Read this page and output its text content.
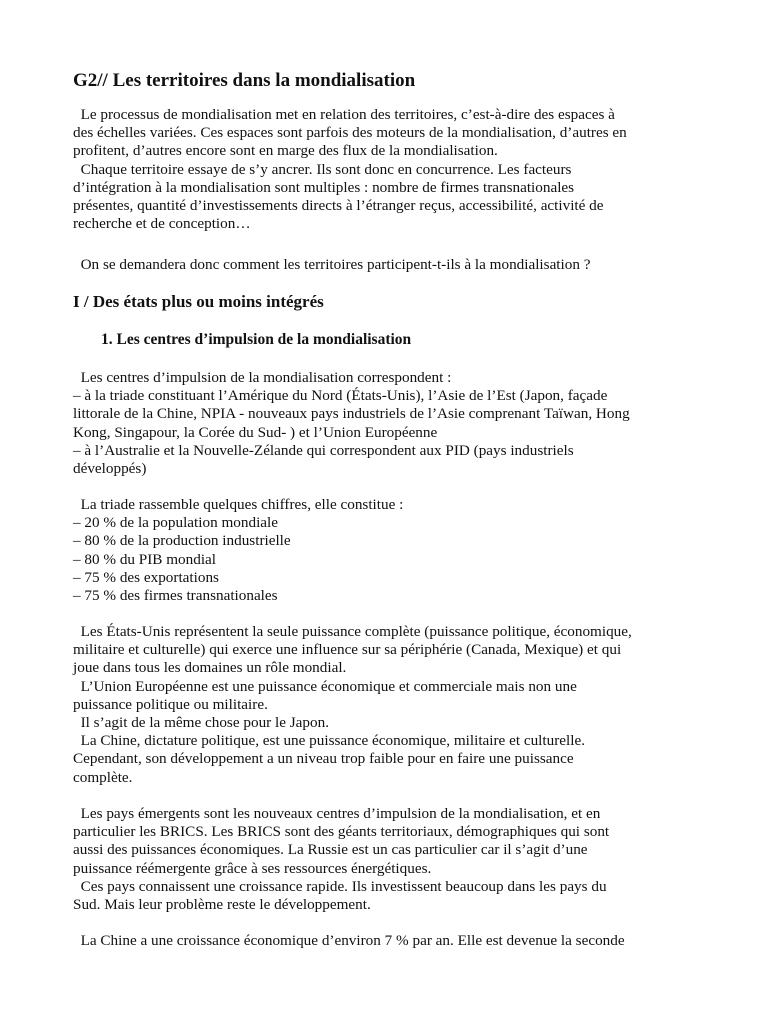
G2// Les territoires dans la mondialisation

Le processus de mondialisation met en relation des territoires, c’est-à-dire des espaces à
des échelles variées. Ces espaces sont parfois des moteurs de la mondialisation, d’autres en
profitent, d’autres encore sont en marge des flux de la mondialisation.
Chaque territoire essaye de s’y ancrer. Ils sont donc en concurrence. Les facteurs
d’intégration à la mondialisation sont multiples : nombre de firmes transnationales
présentes, quantité d’investissements directs à l’étranger reçus, accessibilité, activité de
recherche et de conception…

On se demandera donc comment les territoires participent-t-ils à la mondialisation ?

I / Des états plus ou moins intégrés
1. Les centres d’impulsion de la mondialisation

Les centres d’impulsion de la mondialisation correspondent :
– à la triade constituant l’Amérique du Nord (États-Unis), l’Asie de l’Est (Japon, façade
littorale de la Chine, NPIA - nouveaux pays industriels de l’Asie comprenant Taïwan, Hong
Kong, Singapour, la Corée du Sud- ) et l’Union Européenne
– à l’Australie et la Nouvelle-Zélande qui correspondent aux PID (pays industriels
développés)

La triade rassemble quelques chiffres, elle constitue :
– 20 % de la population mondiale
– 80 % de la production industrielle
– 80 % du PIB mondial
– 75 % des exportations
– 75 % des firmes transnationales

Les États-Unis représentent la seule puissance complète (puissance politique, économique,
militaire et culturelle) qui exerce une influence sur sa périphérie (Canada, Mexique) et qui
joue dans tous les domaines un rôle mondial.
L’Union Européenne est une puissance économique et commerciale mais non une
puissance politique ou militaire.
Il s’agit de la même chose pour le Japon.
La Chine, dictature politique, est une puissance économique, militaire et culturelle.
Cependant, son développement a un niveau trop faible pour en faire une puissance
complète.

Les pays émergents sont les nouveaux centres d’impulsion de la mondialisation, et en
particulier les BRICS. Les BRICS sont des géants territoriaux, démographiques qui sont
aussi des puissances économiques. La Russie est un cas particulier car il s’agit d’une
puissance réémergente grâce à ses ressources énergétiques.
Ces pays connaissent une croissance rapide. Ils investissent beaucoup dans les pays du
Sud. Mais leur problème reste le développement.

La Chine a une croissance économique d’environ 7 % par an. Elle est devenue la seconde
